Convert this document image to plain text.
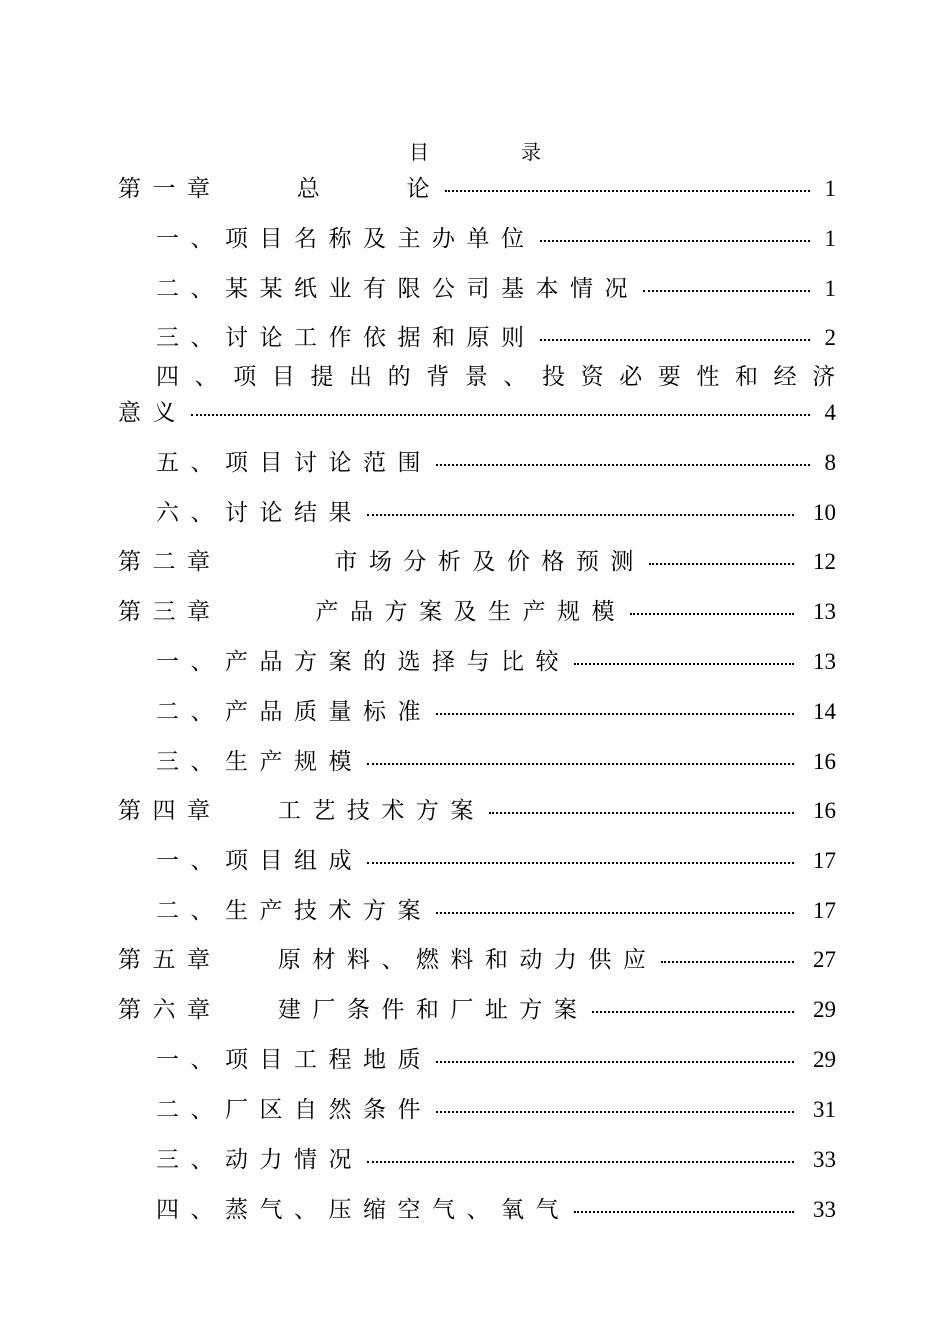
目录
第一章    总    论	1
一、项目名称及主办单位	1
二、某某纸业有限公司基本情况	1
三、讨论工作依据和原则	2
四、项目提出的背景、投资必要性和经济
意义	4
五、项目讨论范围	8
六、讨论结果	10
第二章      市场分析及价格预测	12
第三章     产品方案及生产规模	13
一、产品方案的选择与比较	13
二、产品质量标准	14
三、生产规模	16
第四章   工艺技术方案	16
一、项目组成	17
二、生产技术方案	17
第五章   原材料、燃料和动力供应	27
第六章   建厂条件和厂址方案	29
一、项目工程地质	29
二、厂区自然条件	31
三、动力情况	33
四、蒸气、压缩空气、氧气	33
